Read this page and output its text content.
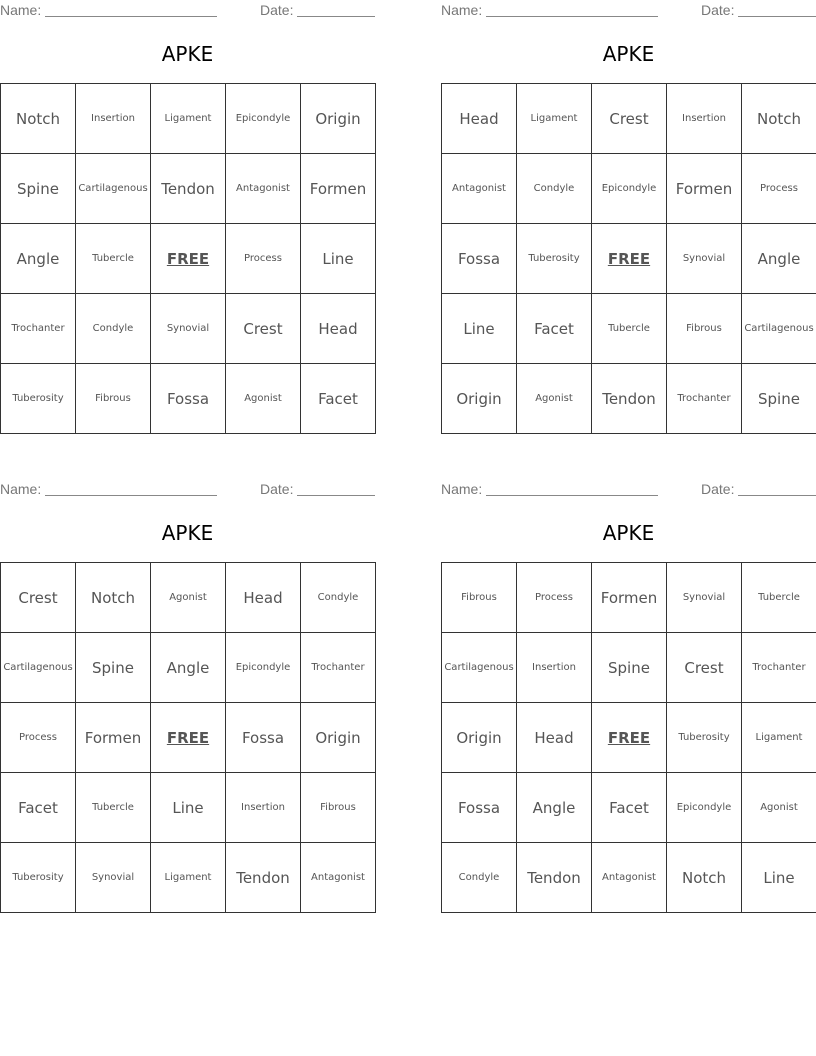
Name:	Date:
APKE
Notch	Insertion	Ligament	Epicondyle	Origin
Spine	Cartilagenous	Tendon	Antagonist	Formen
Angle	Tubercle	FREE	Process	Line
Trochanter	Condyle	Synovial	Crest	Head
Tuberosity	Fibrous	Fossa	Agonist	Facet
Name:	Date:
APKE
Head	Ligament	Crest	Insertion	Notch
Antagonist	Condyle	Epicondyle	Formen	Process
Fossa	Tuberosity	FREE	Synovial	Angle
Line	Facet	Tubercle	Fibrous	Cartilagenous
Origin	Agonist	Tendon	Trochanter	Spine
Name:	Date:
APKE
Crest	Notch	Agonist	Head	Condyle
Cartilagenous	Spine	Angle	Epicondyle	Trochanter
Process	Formen	FREE	Fossa	Origin
Facet	Tubercle	Line	Insertion	Fibrous
Tuberosity	Synovial	Ligament	Tendon	Antagonist
Name:	Date:
APKE
Fibrous	Process	Formen	Synovial	Tubercle
Cartilagenous	Insertion	Spine	Crest	Trochanter
Origin	Head	FREE	Tuberosity	Ligament
Fossa	Angle	Facet	Epicondyle	Agonist
Condyle	Tendon	Antagonist	Notch	Line
